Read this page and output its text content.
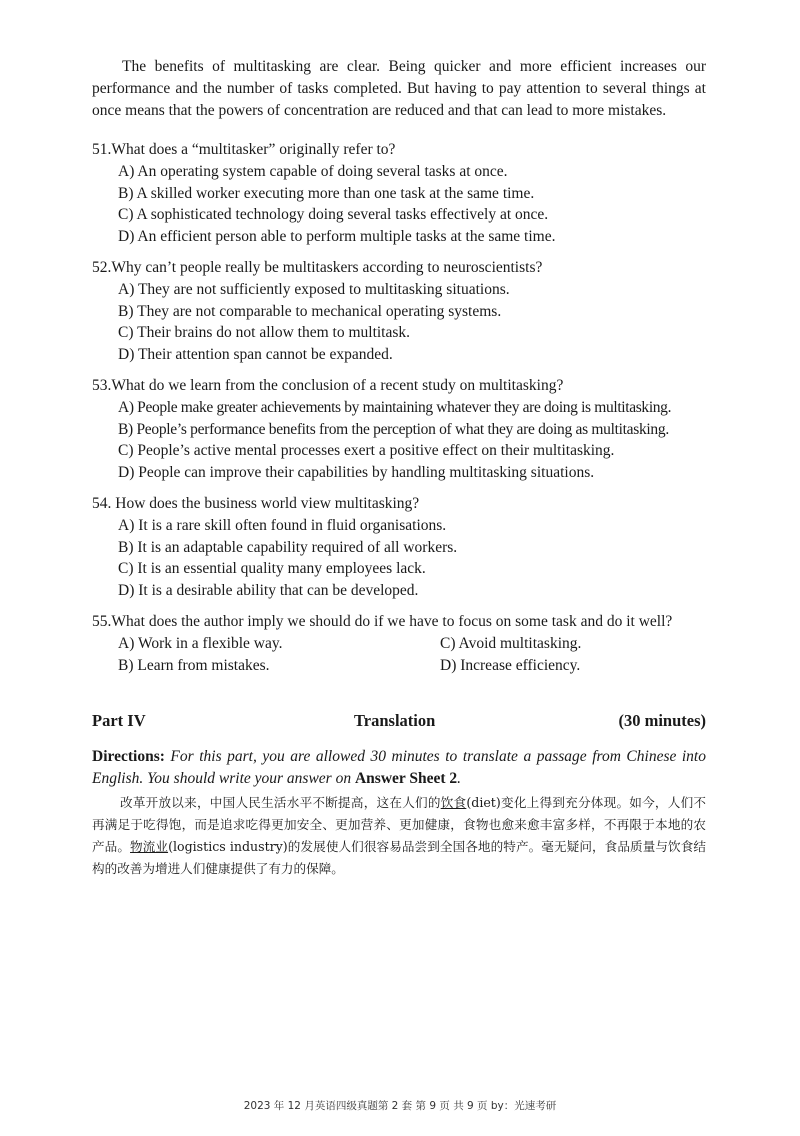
The benefits of multitasking are clear. Being quicker and more efficient increases our performance and the number of tasks completed. But having to pay attention to several things at once means that the powers of concentration are reduced and that can lead to more mistakes.

51.What does a “multitasker” originally refer to?
A) An operating system capable of doing several tasks at once.
B) A skilled worker executing more than one task at the same time.
C) A sophisticated technology doing several tasks effectively at once.
D) An efficient person able to perform multiple tasks at the same time.
52.Why can’t people really be multitaskers according to neuroscientists?
A) They are not sufficiently exposed to multitasking situations.
B) They are not comparable to mechanical operating systems.
C) Their brains do not allow them to multitask.
D) Their attention span cannot be expanded.
53.What do we learn from the conclusion of a recent study on multitasking?
A) People make greater achievements by maintaining whatever they are doing is multitasking.
B) People’s performance benefits from the perception of what they are doing as multitasking.
C) People’s active mental processes exert a positive effect on their multitasking.
D) People can improve their capabilities by handling multitasking situations.
54. How does the business world view multitasking?
A) It is a rare skill often found in fluid organisations.
B) It is an adaptable capability required of all workers.
C) It is an essential quality many employees lack.
D) It is a desirable ability that can be developed.
55.What does the author imply we should do if we have to focus on some task and do it well?
A) Work in a flexible way.	C) Avoid multitasking.
B) Learn from mistakes.	D) Increase efficiency.
Part IV	Translation	(30 minutes)
Directions: For this part, you are allowed 30 minutes to translate a passage from Chinese into English. You should write your answer on Answer Sheet 2.
改革开放以来，中国人民生活水平不断提高，这在人们的饮食(diet)变化上得到充分体现。如今，人们不再满足于吃得饱，而是追求吃得更加安全、更加营养、更加健康，食物也愈来愈丰富多样，不再限于本地的农产品。物流业(logistics industry)的发展使人们很容易品尝到全国各地的特产。毫无疑问，食品质量与饮食结构的改善为增进人们健康提供了有力的保障。
2023 年 12 月英语四级真题第 2 套 第 9 页 共 9 页 by：光速考研
